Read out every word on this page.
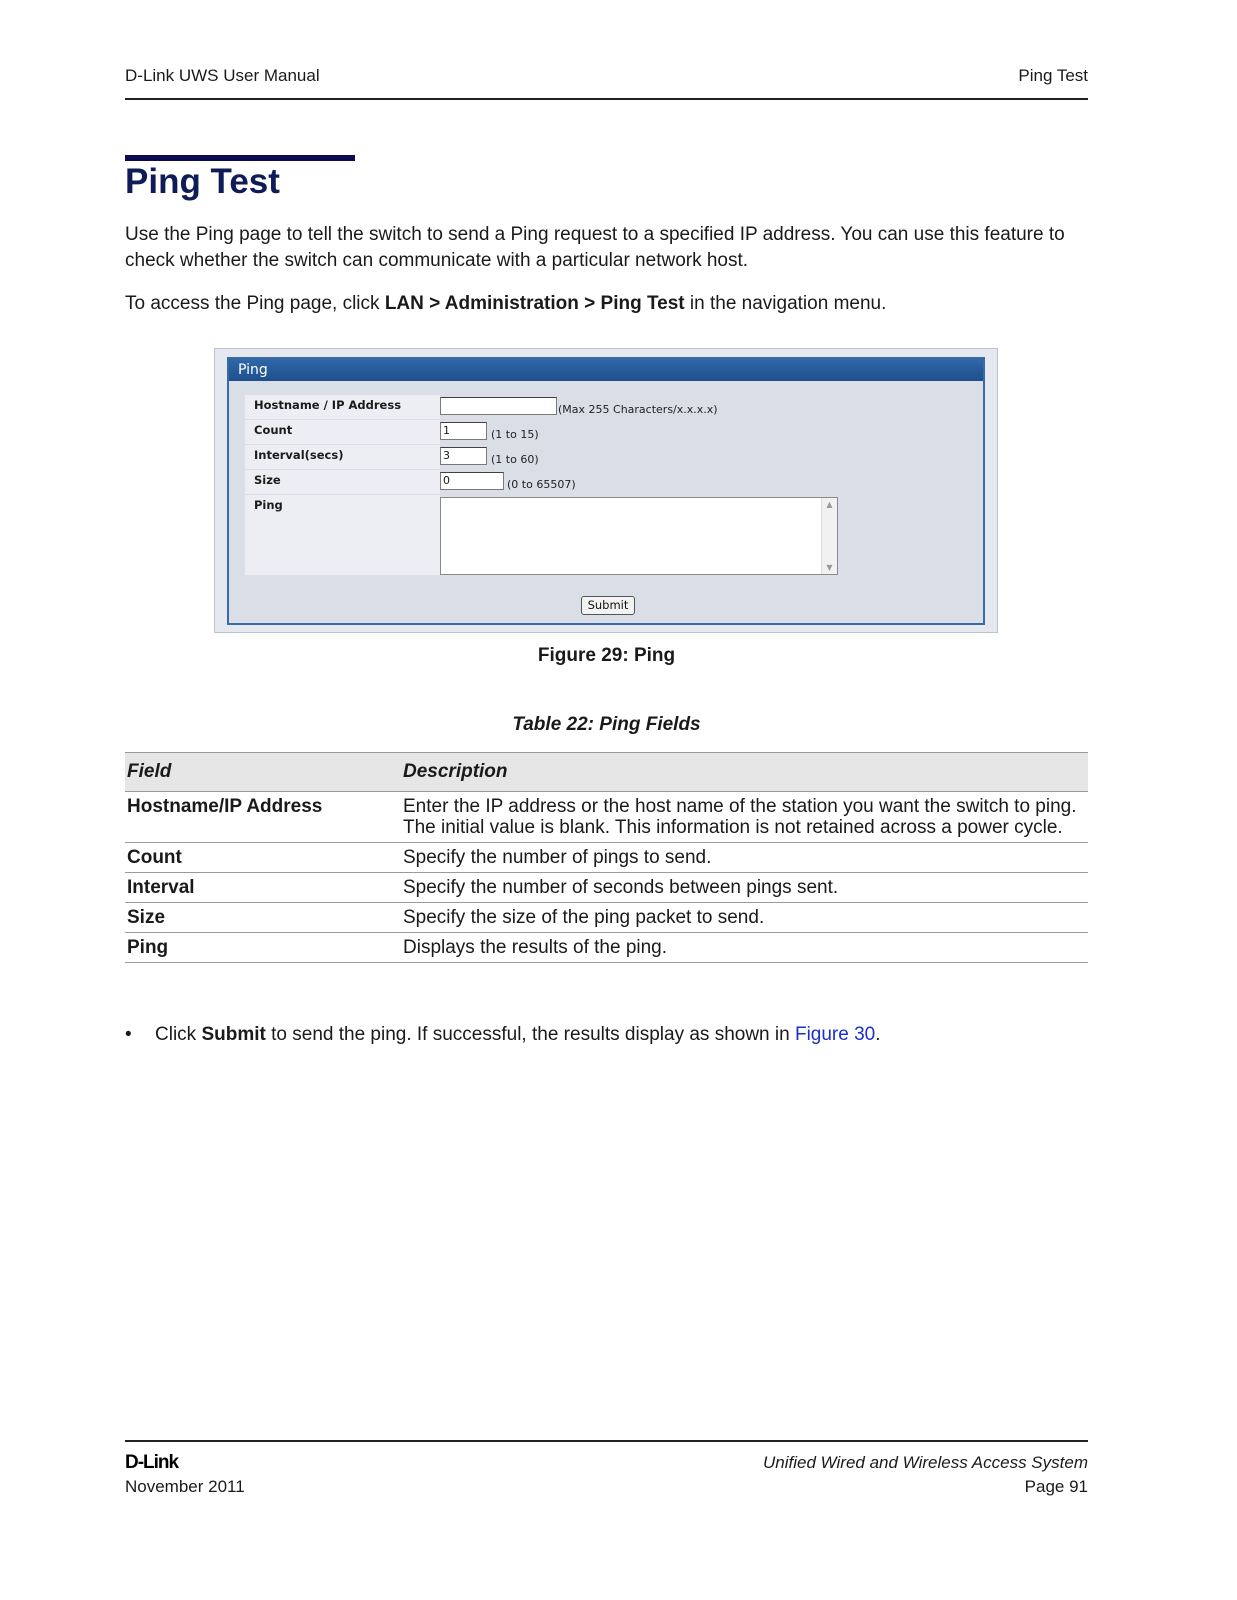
D-Link UWS User Manual	Ping Test
Ping Test

Use the Ping page to tell the switch to send a Ping request to a specified IP address. You can use this feature to check whether the switch can communicate with a particular network host.

To access the Ping page, click LAN > Administration > Ping Test in the navigation menu.

Ping
Hostname / IP Address	(Max 255 Characters/x.x.x.x)
Count	1	(1 to 15)
Interval(secs)	3	(1 to 60)
Size	0	(0 to 65507)
Ping	▲
▼
Submit
Figure 29: Ping
Table 22: Ping Fields
Field	Description
Hostname/IP Address	Enter the IP address or the host name of the station you want the switch to ping. The initial value is blank. This information is not retained across a power cycle.
Count	Specify the number of pings to send.
Interval	Specify the number of seconds between pings sent.
Size	Specify the size of the ping packet to send.
Ping	Displays the results of the ping.
• Click Submit to send the ping. If successful, the results display as shown in Figure 30.
D-Link
November 2011
Unified Wired and Wireless Access System
Page 91
